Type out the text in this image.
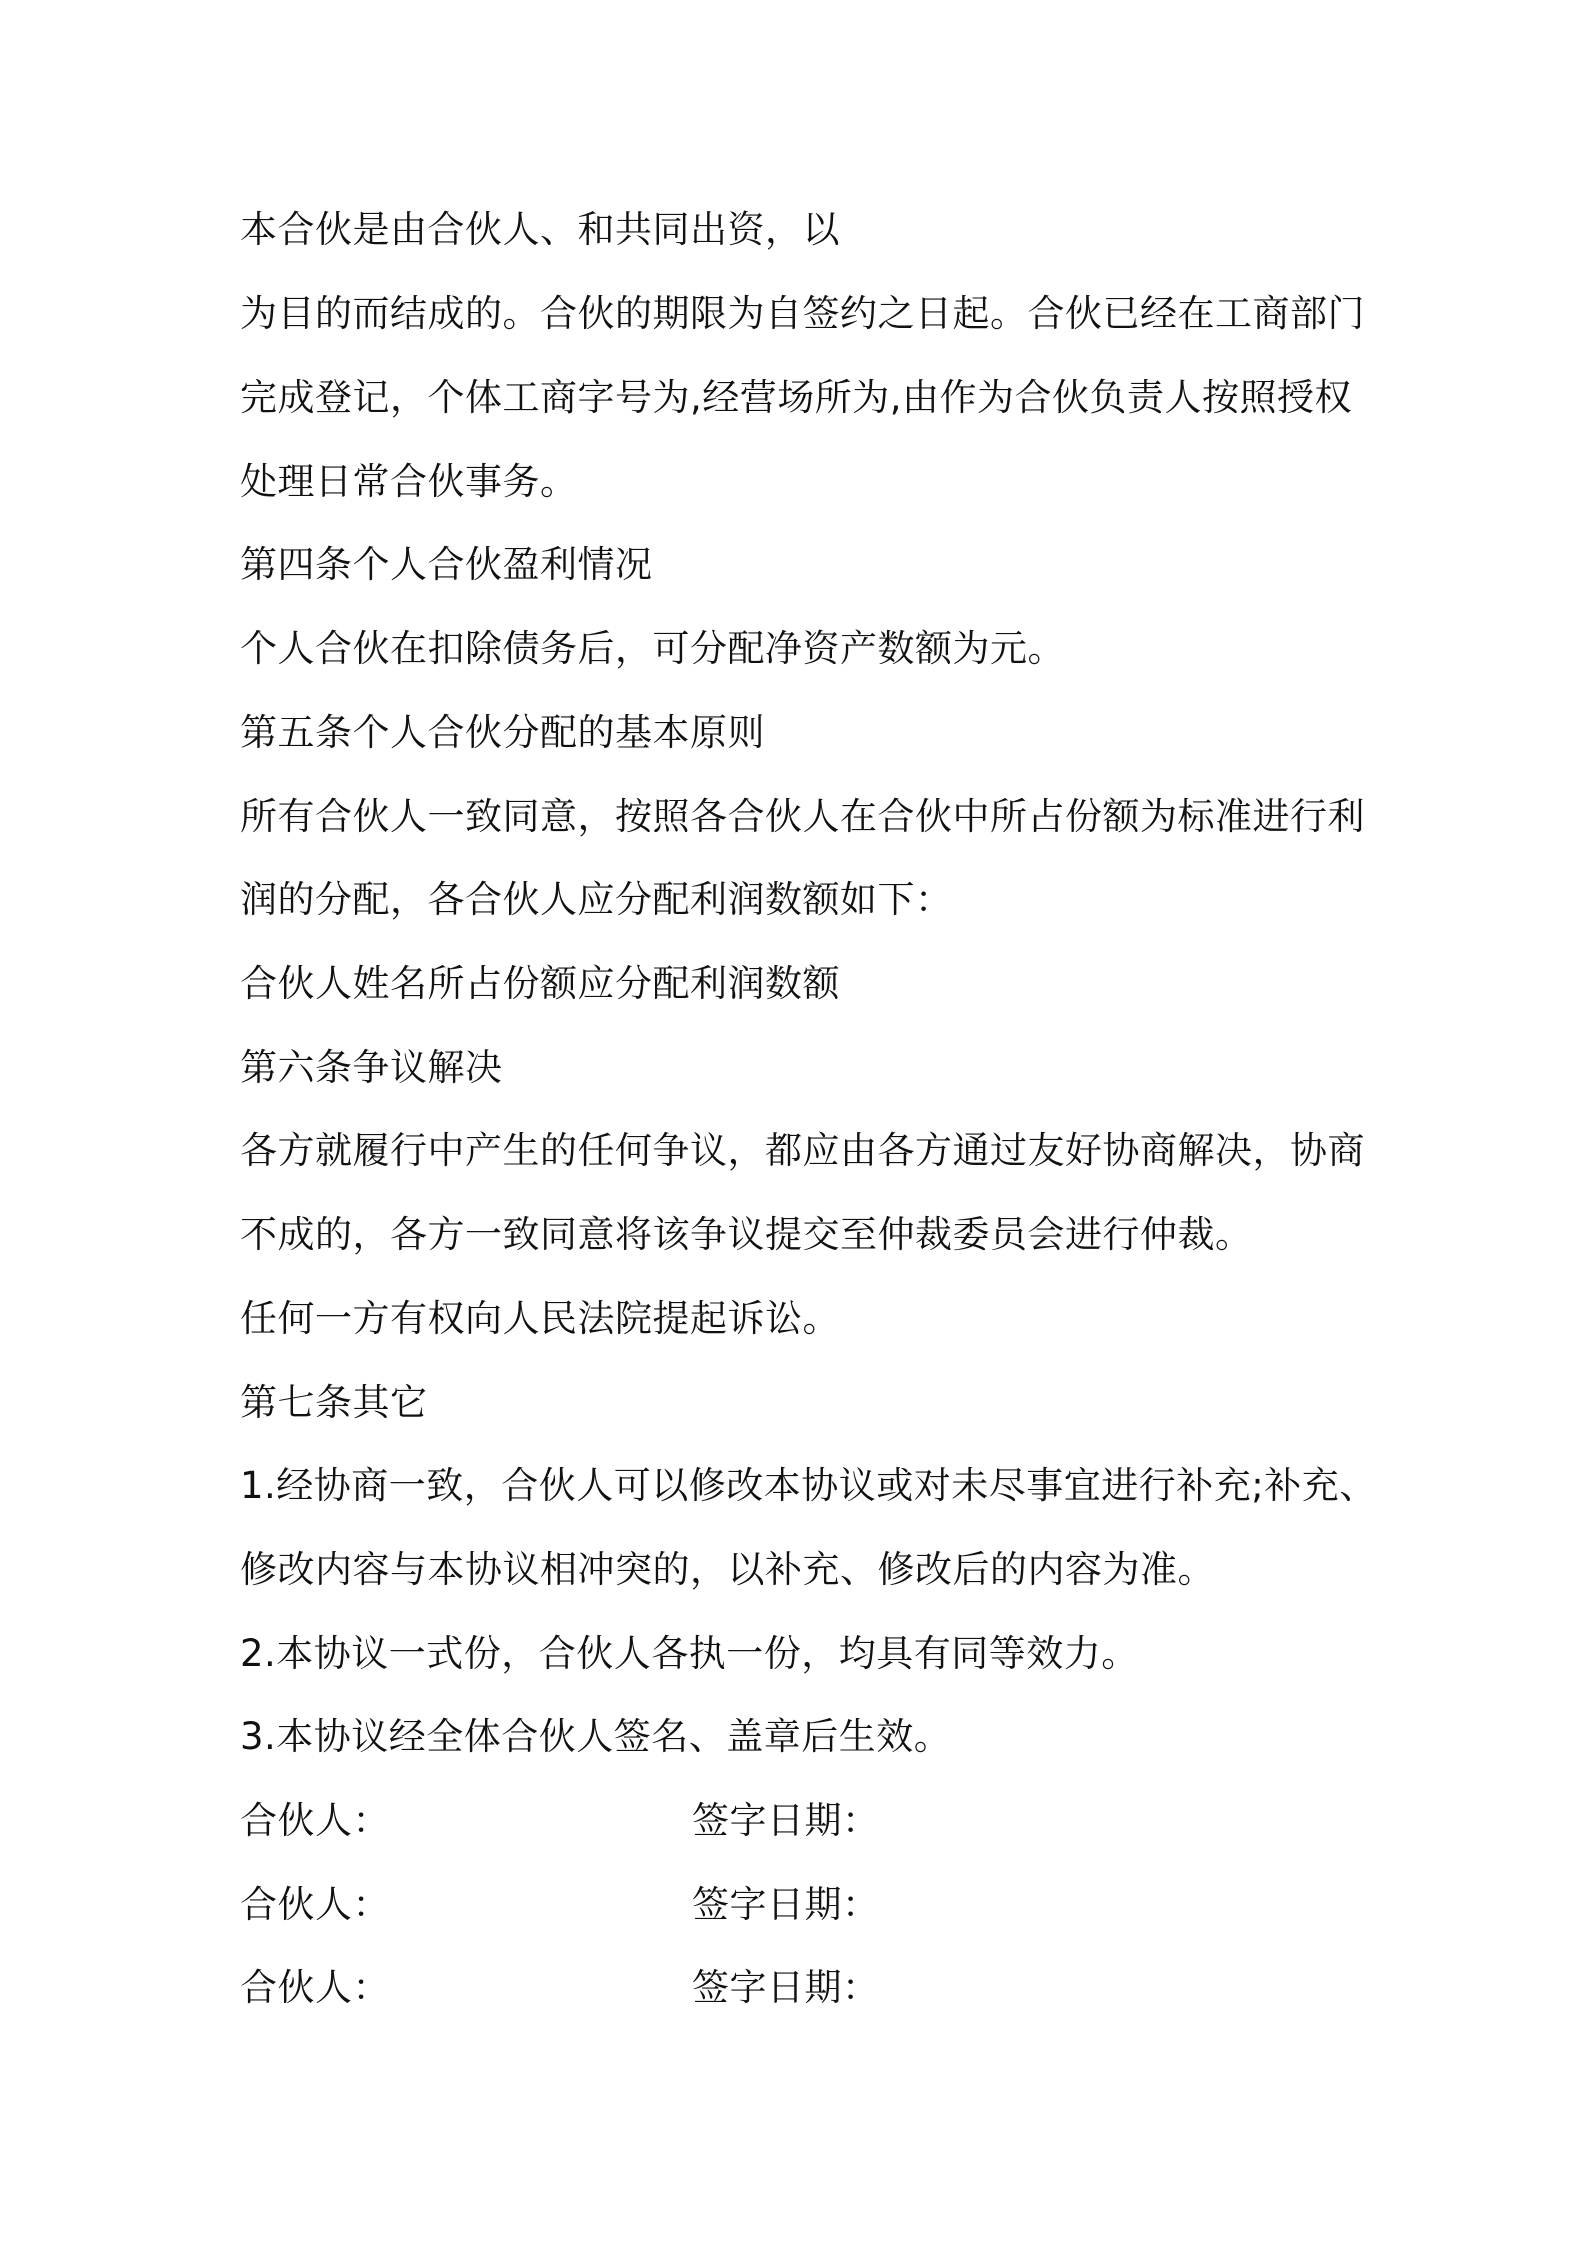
本合伙是由合伙人、和共同出资，以
为目的而结成的。合伙的期限为自签约之日起。合伙已经在工商部门
完成登记，个体工商字号为,经营场所为,由作为合伙负责人按照授权
处理日常合伙事务。
第四条个人合伙盈利情况
个人合伙在扣除债务后，可分配净资产数额为元。
第五条个人合伙分配的基本原则
所有合伙人一致同意，按照各合伙人在合伙中所占份额为标准进行利
润的分配，各合伙人应分配利润数额如下：
合伙人姓名所占份额应分配利润数额
第六条争议解决
各方就履行中产生的任何争议，都应由各方通过友好协商解决，协商
不成的，各方一致同意将该争议提交至仲裁委员会进行仲裁。
任何一方有权向人民法院提起诉讼。
第七条其它
1.经协商一致，合伙人可以修改本协议或对未尽事宜进行补充;补充、
修改内容与本协议相冲突的，以补充、修改后的内容为准。
2.本协议一式份，合伙人各执一份，均具有同等效力。
3.本协议经全体合伙人签名、盖章后生效。
合伙人：	签字日期：
合伙人：	签字日期：
合伙人：	签字日期：
